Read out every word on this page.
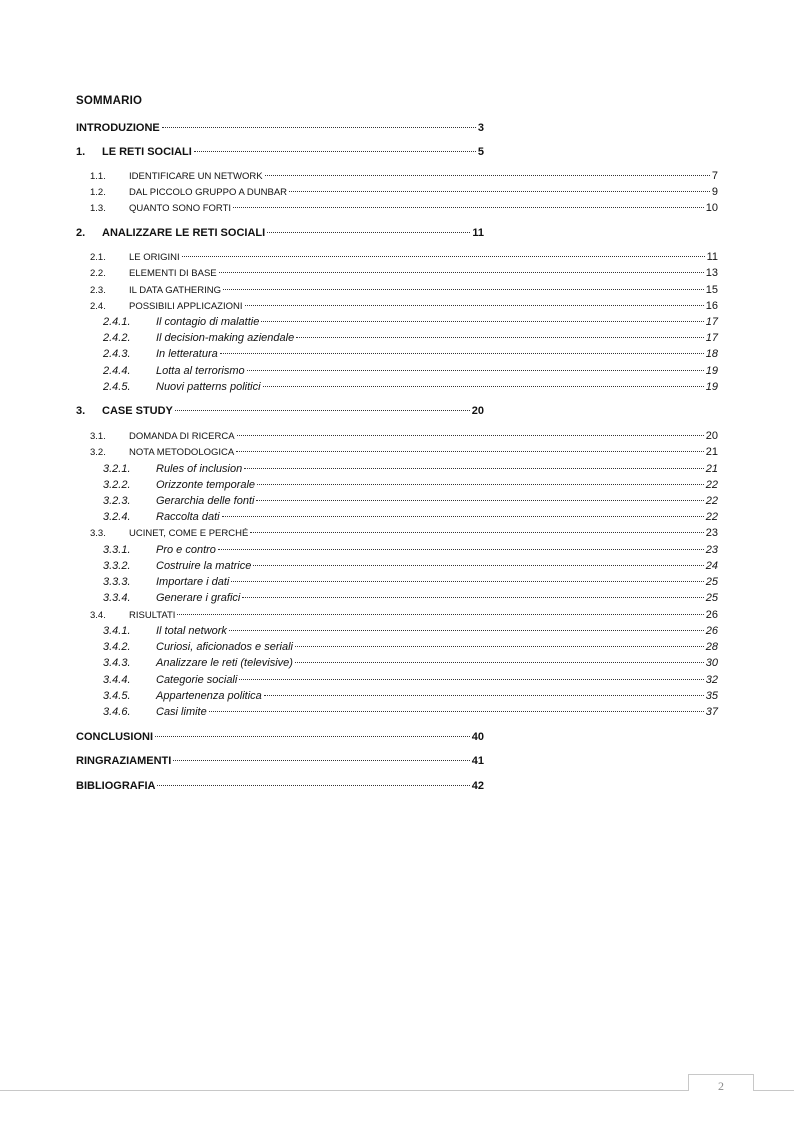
SOMMARIO
INTRODUZIONE	3
1.	LE RETI SOCIALI	5
1.1.	IDENTIFICARE UN NETWORK	7
1.2.	DAL PICCOLO GRUPPO A DUNBAR	9
1.3.	QUANTO SONO FORTI	10
2.	ANALIZZARE LE RETI SOCIALI	11
2.1.	LE ORIGINI	11
2.2.	ELEMENTI DI BASE	13
2.3.	IL DATA GATHERING	15
2.4.	POSSIBILI APPLICAZIONI	16
2.4.1.	Il contagio di malattie	17
2.4.2.	Il decision-making aziendale	17
2.4.3.	In letteratura	18
2.4.4.	Lotta al terrorismo	19
2.4.5.	Nuovi patterns politici	19
3.	CASE STUDY	20
3.1.	DOMANDA DI RICERCA	20
3.2.	NOTA METODOLOGICA	21
3.2.1.	Rules of inclusion	21
3.2.2.	Orizzonte temporale	22
3.2.3.	Gerarchia delle fonti	22
3.2.4.	Raccolta dati	22
3.3.	UCINET, COME E PERCHÉ	23
3.3.1.	Pro e contro	23
3.3.2.	Costruire la matrice	24
3.3.3.	Importare i dati	25
3.3.4.	Generare i grafici	25
3.4.	RISULTATI	26
3.4.1.	Il total network	26
3.4.2.	Curiosi, aficionados e seriali	28
3.4.3.	Analizzare le reti (televisive)	30
3.4.4.	Categorie sociali	32
3.4.5.	Appartenenza politica	35
3.4.6.	Casi limite	37
CONCLUSIONI	40
RINGRAZIAMENTI	41
BIBLIOGRAFIA	42
2
